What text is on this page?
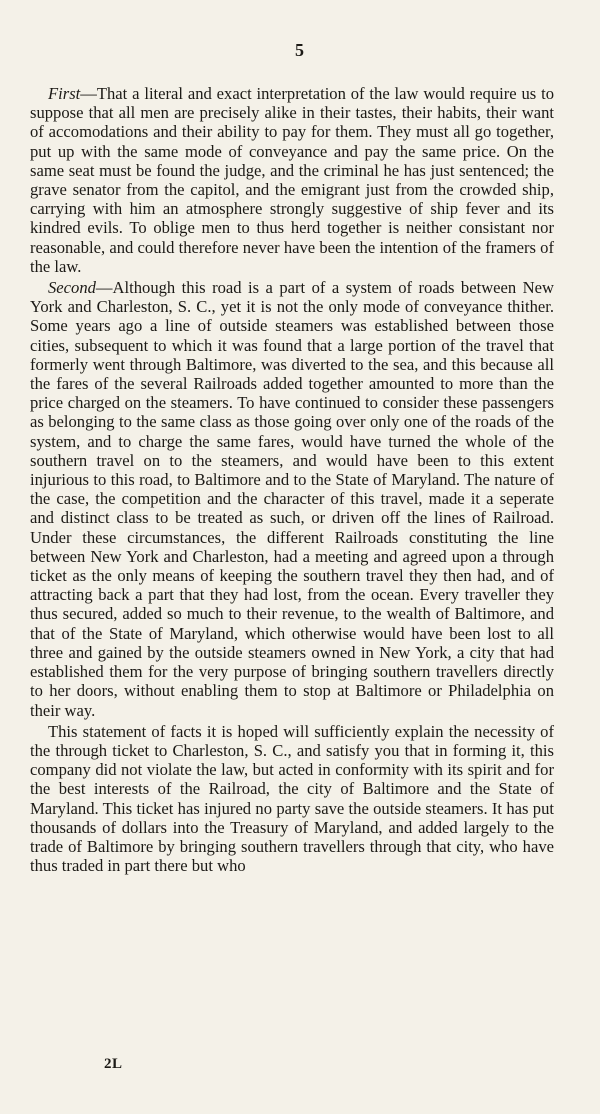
5

First—That a literal and exact interpretation of the law would require us to suppose that all men are precisely alike in their tastes, their habits, their want of accomodations and their ability to pay for them. They must all go together, put up with the same mode of conveyance and pay the same price. On the same seat must be found the judge, and the criminal he has just sentenced; the grave senator from the capitol, and the emigrant just from the crowded ship, carrying with him an atmosphere strongly suggestive of ship fever and its kindred evils. To oblige men to thus herd together is neither consistant nor reasonable, and could therefore never have been the intention of the framers of the law.

Second—Although this road is a part of a system of roads between New York and Charleston, S. C., yet it is not the only mode of conveyance thither. Some years ago a line of outside steamers was established between those cities, subsequent to which it was found that a large portion of the travel that formerly went through Baltimore, was diverted to the sea, and this because all the fares of the several Railroads added together amounted to more than the price charged on the steamers. To have continued to consider these passengers as belonging to the same class as those going over only one of the roads of the system, and to charge the same fares, would have turned the whole of the southern travel on to the steamers, and would have been to this extent injurious to this road, to Baltimore and to the State of Maryland. The nature of the case, the competition and the character of this travel, made it a seperate and distinct class to be treated as such, or driven off the lines of Railroad. Under these circumstances, the different Railroads constituting the line between New York and Charleston, had a meeting and agreed upon a through ticket as the only means of keeping the southern travel they then had, and of attracting back a part that they had lost, from the ocean. Every traveller they thus secured, added so much to their revenue, to the wealth of Baltimore, and that of the State of Maryland, which otherwise would have been lost to all three and gained by the outside steamers owned in New York, a city that had established them for the very purpose of bringing southern travellers directly to her doors, without enabling them to stop at Baltimore or Philadelphia on their way.

This statement of facts it is hoped will sufficiently explain the necessity of the through ticket to Charleston, S. C., and satisfy you that in forming it, this company did not violate the law, but acted in conformity with its spirit and for the best interests of the Railroad, the city of Baltimore and the State of Maryland. This ticket has injured no party save the outside steamers. It has put thousands of dollars into the Treasury of Maryland, and added largely to the trade of Baltimore by bringing southern travellers through that city, who have thus traded in part there but who

2L
